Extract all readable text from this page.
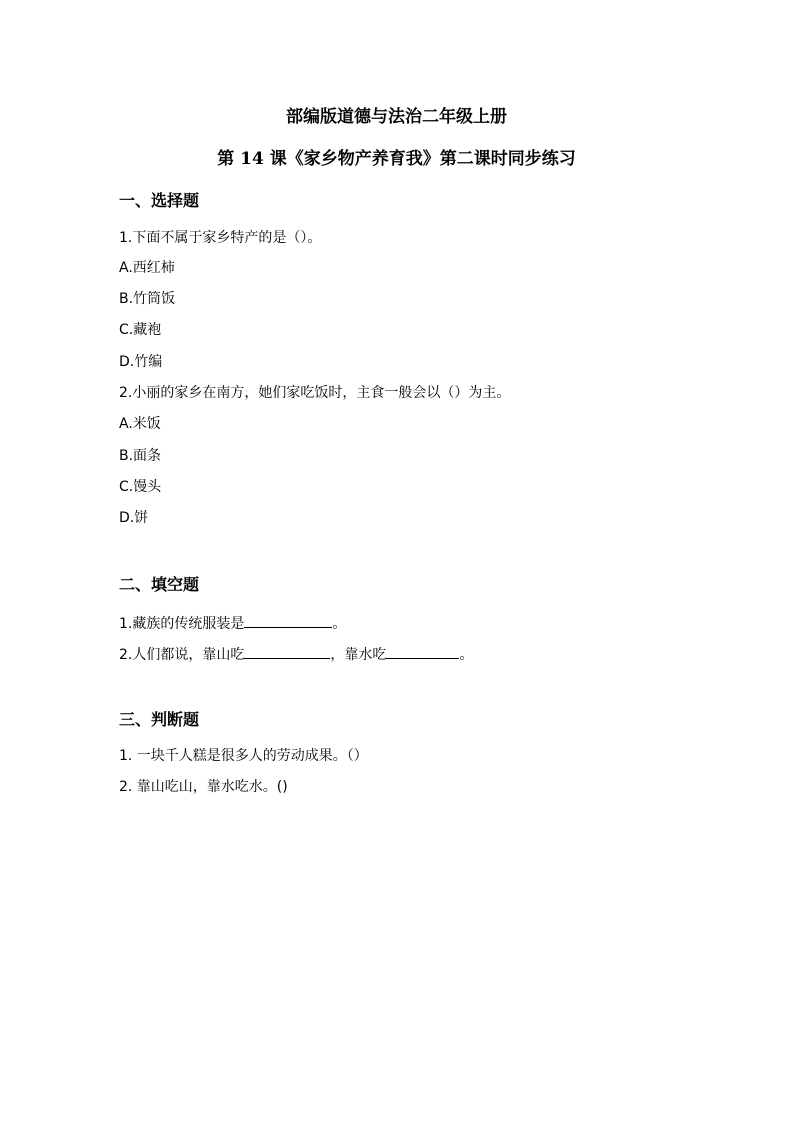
部编版道德与法治二年级上册
第 14 课《家乡物产养育我》第二课时同步练习
一、选择题

1.下面不属于家乡特产的是（）。

A.西红柿

B.竹筒饭

C.藏袍

D.竹编

2.小丽的家乡在南方，她们家吃饭时，主食一般会以（）为主。

A.米饭

B.面条

C.馒头

D.饼

二、填空题

1.藏族的传统服装是	。

2.人们都说，靠山吃	，靠水吃	。

三、判断题

1. 一块千人糕是很多人的劳动成果。（）

2. 靠山吃山，靠水吃水。()
